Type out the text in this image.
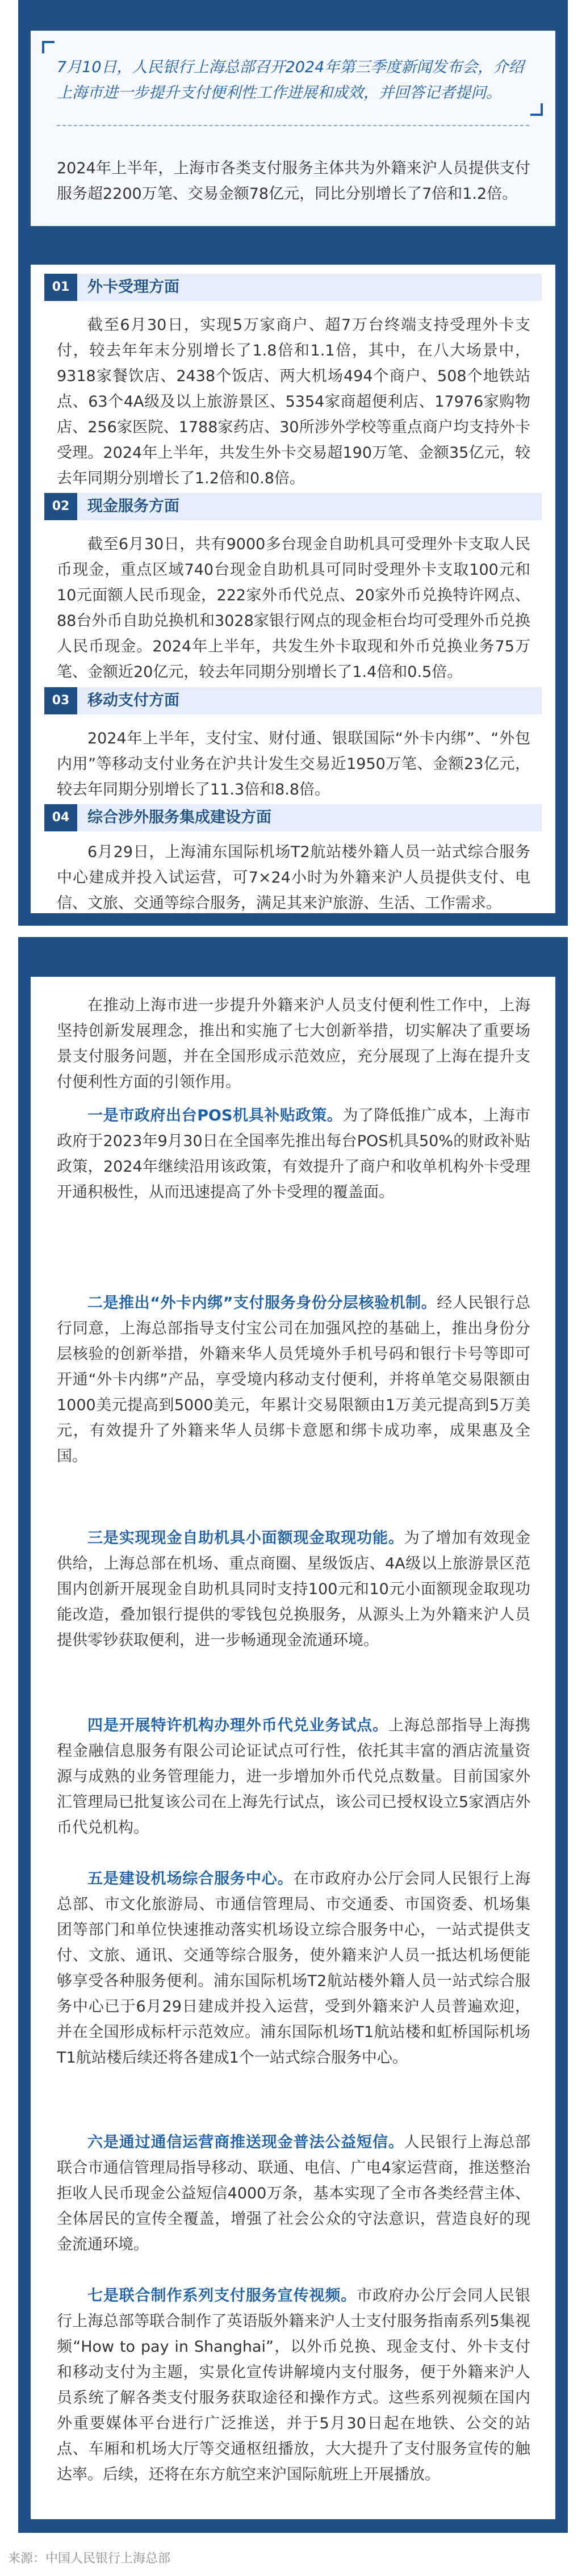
7月10日，人民银行上海总部召开2024年第三季度新闻发布会，介绍上海市进一步提升支付便利性工作进展和成效，并回答记者提问。
2024年上半年，上海市各类支付服务主体共为外籍来沪人员提供支付服务超2200万笔、交易金额78亿元，同比分别增长了7倍和1.2倍。
01	外卡受理方面
截至6月30日，实现5万家商户、超7万台终端支持受理外卡支付，较去年年末分别增长了1.8倍和1.1倍，其中，在八大场景中，9318家餐饮店、2438个饭店、两大机场494个商户、508个地铁站点、63个4A级及以上旅游景区、5354家商超便利店、17976家购物店、256家医院、1788家药店、30所涉外学校等重点商户均支持外卡受理。2024年上半年，共发生外卡交易超190万笔、金额35亿元，较去年同期分别增长了1.2倍和0.8倍。
02	现金服务方面
截至6月30日，共有9000多台现金自助机具可受理外卡支取人民币现金，重点区域740台现金自助机具可同时受理外卡支取100元和10元面额人民币现金，222家外币代兑点、20家外币兑换特许网点、88台外币自助兑换机和3028家银行网点的现金柜台均可受理外币兑换人民币现金。2024年上半年，共发生外卡取现和外币兑换业务75万笔、金额近20亿元，较去年同期分别增长了1.4倍和0.5倍。
03	移动支付方面
2024年上半年，支付宝、财付通、银联国际“外卡内绑”、“外包内用”等移动支付业务在沪共计发生交易近1950万笔、金额23亿元，较去年同期分别增长了11.3倍和8.8倍。
04	综合涉外服务集成建设方面
6月29日，上海浦东国际机场T2航站楼外籍人员一站式综合服务中心建成并投入试运营，可7×24小时为外籍来沪人员提供支付、电信、文旅、交通等综合服务，满足其来沪旅游、生活、工作需求。
在推动上海市进一步提升外籍来沪人员支付便利性工作中，上海坚持创新发展理念，推出和实施了七大创新举措，切实解决了重要场景支付服务问题，并在全国形成示范效应，充分展现了上海在提升支付便利性方面的引领作用。
一是市政府出台POS机具补贴政策。为了降低推广成本，上海市政府于2023年9月30日在全国率先推出每台POS机具50%的财政补贴政策，2024年继续沿用该政策，有效提升了商户和收单机构外卡受理开通积极性，从而迅速提高了外卡受理的覆盖面。
二是推出“外卡内绑”支付服务身份分层核验机制。经人民银行总行同意，上海总部指导支付宝公司在加强风控的基础上，推出身份分层核验的创新举措，外籍来华人员凭境外手机号码和银行卡号等即可开通“外卡内绑”产品，享受境内移动支付便利，并将单笔交易限额由1000美元提高到5000美元，年累计交易限额由1万美元提高到5万美元，有效提升了外籍来华人员绑卡意愿和绑卡成功率，成果惠及全国。
三是实现现金自助机具小面额现金取现功能。为了增加有效现金供给，上海总部在机场、重点商圈、星级饭店、4A级以上旅游景区范围内创新开展现金自助机具同时支持100元和10元小面额现金取现功能改造，叠加银行提供的零钱包兑换服务，从源头上为外籍来沪人员提供零钞获取便利，进一步畅通现金流通环境。
四是开展特许机构办理外币代兑业务试点。上海总部指导上海携程金融信息服务有限公司论证试点可行性，依托其丰富的酒店流量资源与成熟的业务管理能力，进一步增加外币代兑点数量。目前国家外汇管理局已批复该公司在上海先行试点，该公司已授权设立5家酒店外币代兑机构。
五是建设机场综合服务中心。在市政府办公厅会同人民银行上海总部、市文化旅游局、市通信管理局、市交通委、市国资委、机场集团等部门和单位快速推动落实机场设立综合服务中心，一站式提供支付、文旅、通讯、交通等综合服务，使外籍来沪人员一抵达机场便能够享受各种服务便利。浦东国际机场T2航站楼外籍人员一站式综合服务中心已于6月29日建成并投入运营，受到外籍来沪人员普遍欢迎，并在全国形成标杆示范效应。浦东国际机场T1航站楼和虹桥国际机场T1航站楼后续还将各建成1个一站式综合服务中心。
六是通过通信运营商推送现金普法公益短信。人民银行上海总部联合市通信管理局指导移动、联通、电信、广电4家运营商，推送整治拒收人民币现金公益短信4000万条，基本实现了全市各类经营主体、全体居民的宣传全覆盖，增强了社会公众的守法意识，营造良好的现金流通环境。
七是联合制作系列支付服务宣传视频。市政府办公厅会同人民银行上海总部等联合制作了英语版外籍来沪人士支付服务指南系列5集视频“How to pay in Shanghai”，以外币兑换、现金支付、外卡支付和移动支付为主题，实景化宣传讲解境内支付服务，便于外籍来沪人员系统了解各类支付服务获取途径和操作方式。这些系列视频在国内外重要媒体平台进行广泛推送，并于5月30日起在地铁、公交的站点、车厢和机场大厅等交通枢纽播放，大大提升了支付服务宣传的触达率。后续，还将在东方航空来沪国际航班上开展播放。
来源：中国人民银行上海总部
